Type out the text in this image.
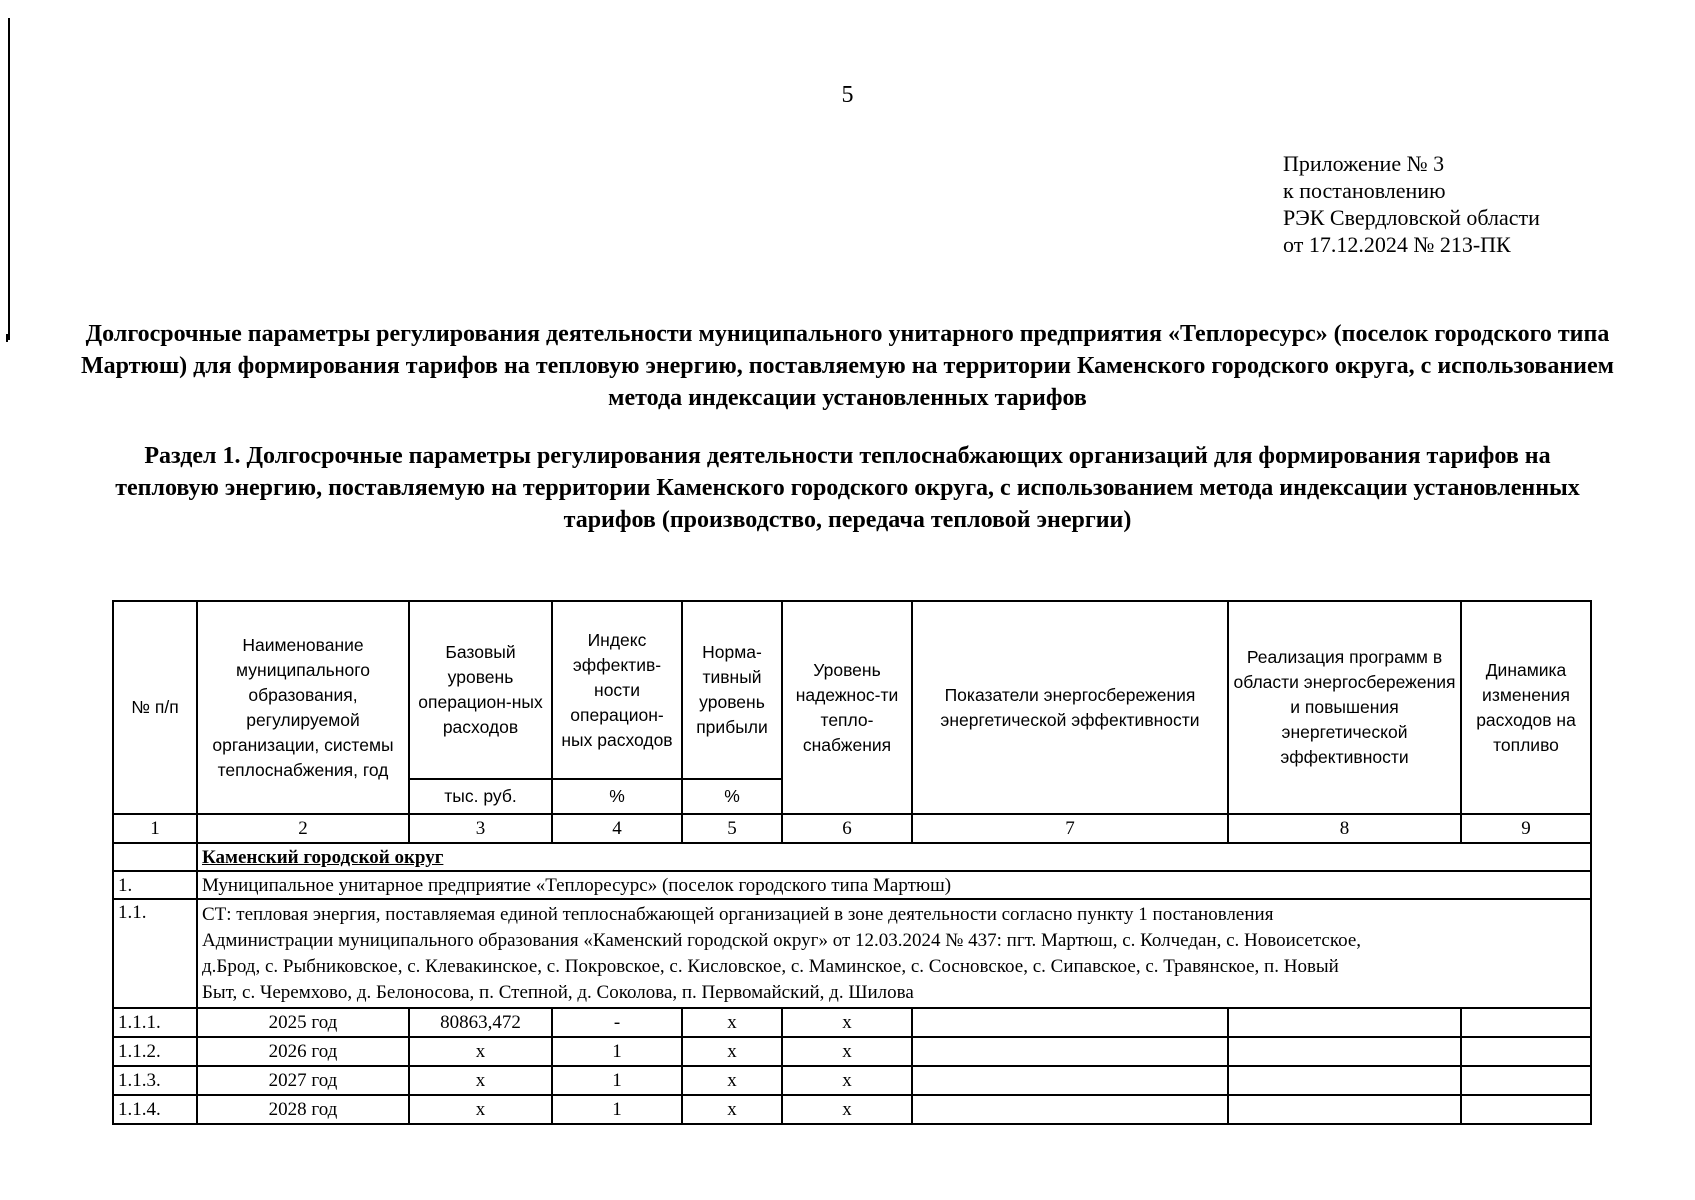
5
Приложение № 3
к постановлению
РЭК Свердловской области
от 17.12.2024 № 213-ПК
Долгосрочные параметры регулирования деятельности муниципального унитарного предприятия «Теплоресурс» (поселок городского типа Мартюш) для формирования тарифов на тепловую энергию, поставляемую на территории Каменского городского округа, с использованием метода индексации установленных тарифов
Раздел 1. Долгосрочные параметры регулирования деятельности теплоснабжающих организаций для формирования тарифов на тепловую энергию, поставляемую на территории Каменского городского округа, с использованием метода индексации установленных тарифов (производство, передача тепловой энергии)
№ п/п	Наименование муниципального образования, регулируемой организации, системы теплоснабжения, год	Базовый уровень операцион-ных расходов	Индекс эффектив-ности операцион-ных расходов	Норма-тивный уровень прибыли	Уровень надежнос-ти тепло-снабжения	Показатели энергосбережения энергетической эффективности	Реализация программ в области энергосбережения и повышения энергетической эффективности	Динамика изменения расходов на топливо
		тыс. руб.	%	%				
1	2	3	4	5	6	7	8	9
	Каменский городской округ							
1.	Муниципальное унитарное предприятие «Теплоресурс» (поселок городского типа Мартюш)							
1.1.	СТ: тепловая энергия, поставляемая единой теплоснабжающей организацией в зоне деятельности согласно пункту 1 постановления
Администрации муниципального образования «Каменский городской округ» от 12.03.2024 № 437: пгт. Мартюш, с. Колчедан, с. Новоисетское,
д.Брод, с. Рыбниковское, с. Клевакинское, с. Покровское, с. Кисловское, с. Маминское, с. Сосновское, с. Сипавское, с. Травянское, п. Новый
Быт, с. Черемхово, д. Белоносова, п. Степной, д. Соколова, п. Первомайский, д. Шилова							

1.1.1.	2025 год	80863,472	-	х	х			
1.1.2.	2026 год	х	1	х	х			
1.1.3.	2027 год	х	1	х	х			
1.1.4.	2028 год	х	1	х	х			
